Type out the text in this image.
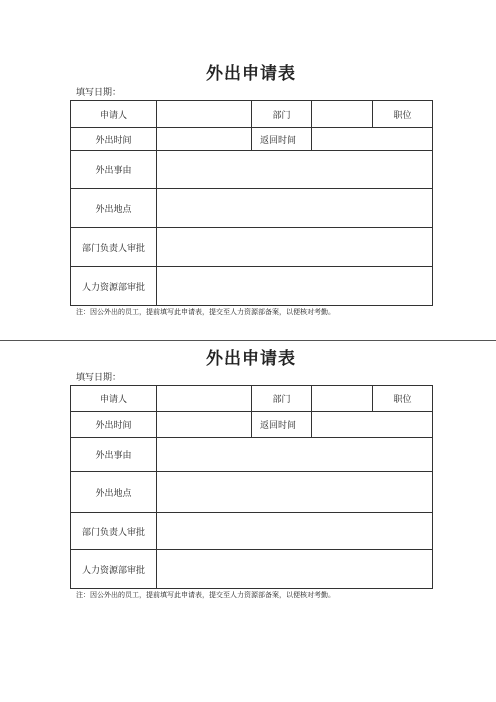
外出申请表
填写日期：
申请人		部门		职位
外出时间		返回时间		
外出事由				
外出地点				
部门负责人审批				
人力资源部审批				
注：因公外出的员工，提前填写此申请表，提交至人力资源部备案，以便核对考勤。
外出申请表
填写日期：
申请人		部门		职位
外出时间		返回时间		
外出事由				
外出地点				
部门负责人审批				
人力资源部审批				
注：因公外出的员工，提前填写此申请表，提交至人力资源部备案，以便核对考勤。
